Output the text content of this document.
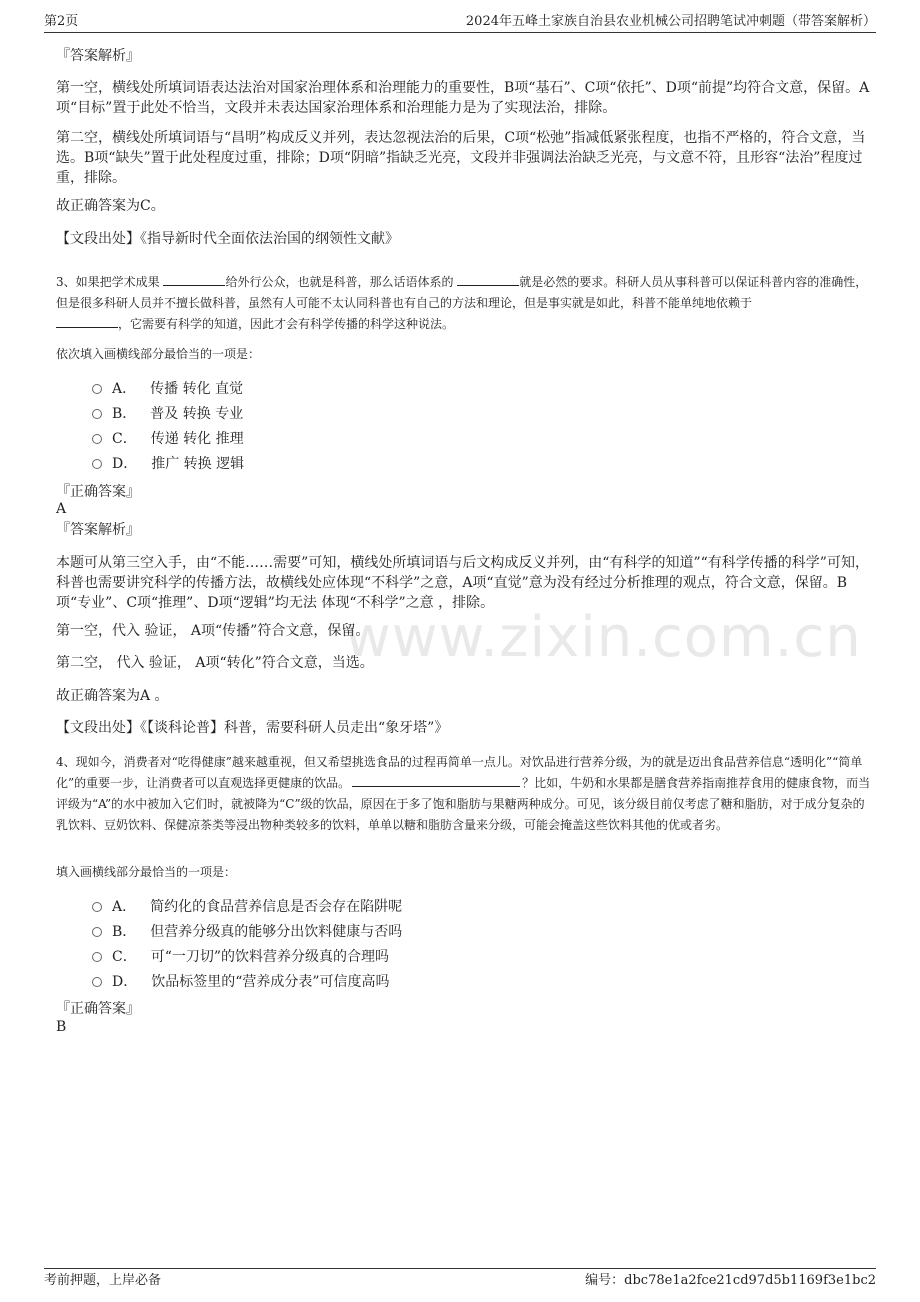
第2页	2024年五峰土家族自治县农业机械公司招聘笔试冲刺题（带答案解析）
www.zixin.com.cn
『答案解析』
第一空，横线处所填词语表达法治对国家治理体系和治理能力的重要性，B项“基石”、C项“依托”、D项“前提”均符合文意，保留。A项“目标”置于此处不恰当，文段并未表达国家治理体系和治理能力是为了实现法治，排除。
第二空，横线处所填词语与“昌明”构成反义并列，表达忽视法治的后果，C项“松弛”指减低紧张程度，也指不严格的，符合文意，当选。B项“缺失”置于此处程度过重，排除；D项“阴暗”指缺乏光亮，文段并非强调法治缺乏光亮，与文意不符，且形容“法治”程度过重，排除。
故正确答案为C。
【文段出处】《指导新时代全面依法治国的纲领性文献》
3、如果把学术成果	给外行公众，也就是科普，那么话语体系的	就是必然的要求。科研人员从事科普可以保证科普内容的准确性，但是很多科研人员并不擅长做科普，虽然有人可能不太认同科普也有自己的方法和理论，但是事实就是如此，科普不能单纯地依赖于
，它需要有科学的知道，因此才会有科学传播的科学这种说法。
依次填入画横线部分最恰当的一项是：
A． 传播 转化 直觉
B． 普及 转换 专业
C． 传递 转化 推理
D． 推广 转换 逻辑
『正确答案』
A
『答案解析』
本题可从第三空入手，由“不能……需要”可知，横线处所填词语与后文构成反义并列，由“有科学的知道”“有科学传播的科学”可知，科普也需要讲究科学的传播方法，故横线处应体现“不科学”之意，A项“直觉”意为没有经过分析推理的观点，符合文意，保留。B项“专业”、C项“推理”、D项“逻辑”均无法 体现“不科学”之意 ，排除。
第一空，代入 验证， A项“传播”符合文意，保留。
第二空， 代入 验证， A项“转化”符合文意，当选。
故正确答案为A 。
【文段出处】《【谈科论普】科普，需要科研人员走出“象牙塔”》
4、现如今，消费者对“吃得健康”越来越重视，但又希望挑选食品的过程再简单一点儿。对饮品进行营养分级，为的就是迈出食品营养信息“透明化”“简单化”的重要一步，让消费者可以直观选择更健康的饮品。	？比如，牛奶和水果都是膳食营养指南推荐食用的健康食物，而当评级为“A”的水中被加入它们时，就被降为“C”级的饮品，原因在于多了饱和脂肪与果糖两种成分。可见，该分级目前仅考虑了糖和脂肪，对于成分复杂的乳饮料、豆奶饮料、保健凉茶类等浸出物种类较多的饮料，单单以糖和脂肪含量来分级，可能会掩盖这些饮料其他的优或者劣。
填入画横线部分最恰当的一项是：
A． 简约化的食品营养信息是否会存在陷阱呢
B． 但营养分级真的能够分出饮料健康与否吗
C． 可“一刀切”的饮料营养分级真的合理吗
D． 饮品标签里的“营养成分表”可信度高吗
『正确答案』
B
考前押题，上岸必备	编号：dbc78e1a2fce21cd97d5b1169f3e1bc2
